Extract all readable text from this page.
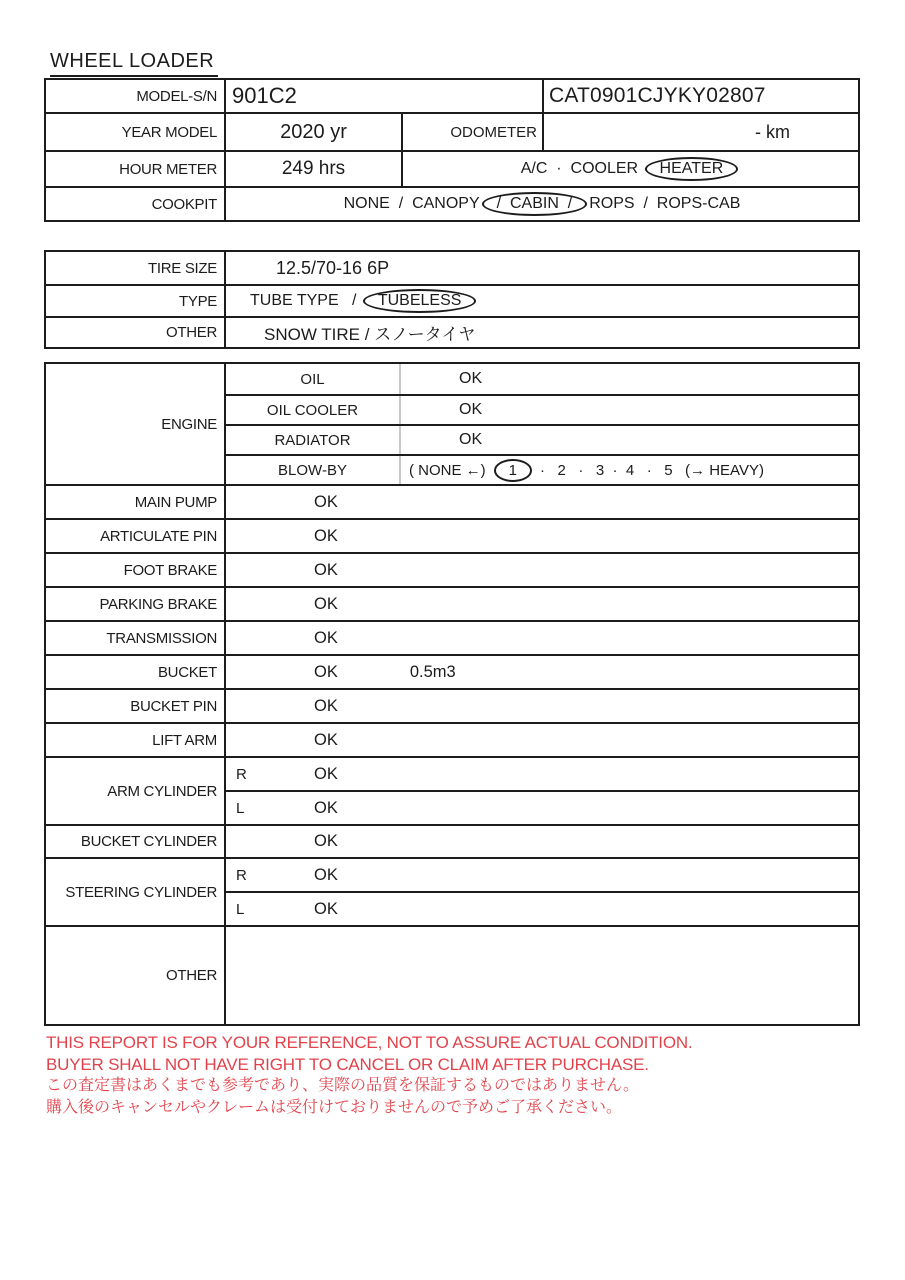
WHEEL LOADER
MODEL-S/N 901C2	CAT0901CJYKY02807
YEAR MODEL	2020 yr	ODOMETER	- km
HOUR METER	249 hrs	A/C  ·  COOLER	HEATER
COOKPIT	NONE  /  CANOPY	/  CABIN  /	ROPS  /  ROPS-CAB
TIRE SIZE	12.5/70-16 6P
TYPE	TUBE TYPE   /	TUBELESS
OTHER	SNOW TIRE / スノータイヤ
ENGINE
OIL	OK
OIL COOLER	OK
RADIATOR	OK
BLOW-BY	( NONE ←)	1	·   2   ·   3  ·  4   ·   5   (→ HEAVY)
MAIN PUMP	OK
ARTICULATE PIN	OK
FOOT BRAKE	OK
PARKING BRAKE	OK
TRANSMISSION	OK
BUCKET	OK	0.5m3
BUCKET PIN	OK
LIFT ARM	OK
ARM CYLINDER
R	OK
L	OK
BUCKET CYLINDER	OK
STEERING CYLINDER
R	OK
L	OK
OTHER
THIS REPORT IS FOR YOUR REFERENCE, NOT TO ASSURE ACTUAL CONDITION.
BUYER SHALL NOT HAVE RIGHT TO CANCEL OR CLAIM AFTER PURCHASE.
この査定書はあくまでも参考であり、実際の品質を保証するものではありません。
購入後のキャンセルやクレームは受付けておりませんので予めご了承ください。
